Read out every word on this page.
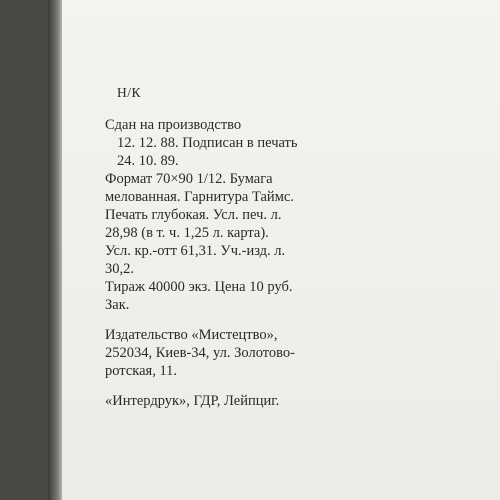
Н/К
Сдан на производство
12. 12. 88. Подписан в печать
24. 10. 89.
Формат 70×90 1/12. Бумага
мелованная. Гарнитура Таймс.
Печать глубокая. Усл. печ. л.
28,98 (в т. ч. 1,25 л. карта).
Усл. кр.-отт 61,31. Уч.-изд. л.
30,2.
Тираж 40000 экз. Цена 10 руб.
Зак.
Издательство «Мистецтво»,
252034, Киев-34, ул. Золотово-
ротская, 11.
«Интердрук», ГДР, Лейпциг.
